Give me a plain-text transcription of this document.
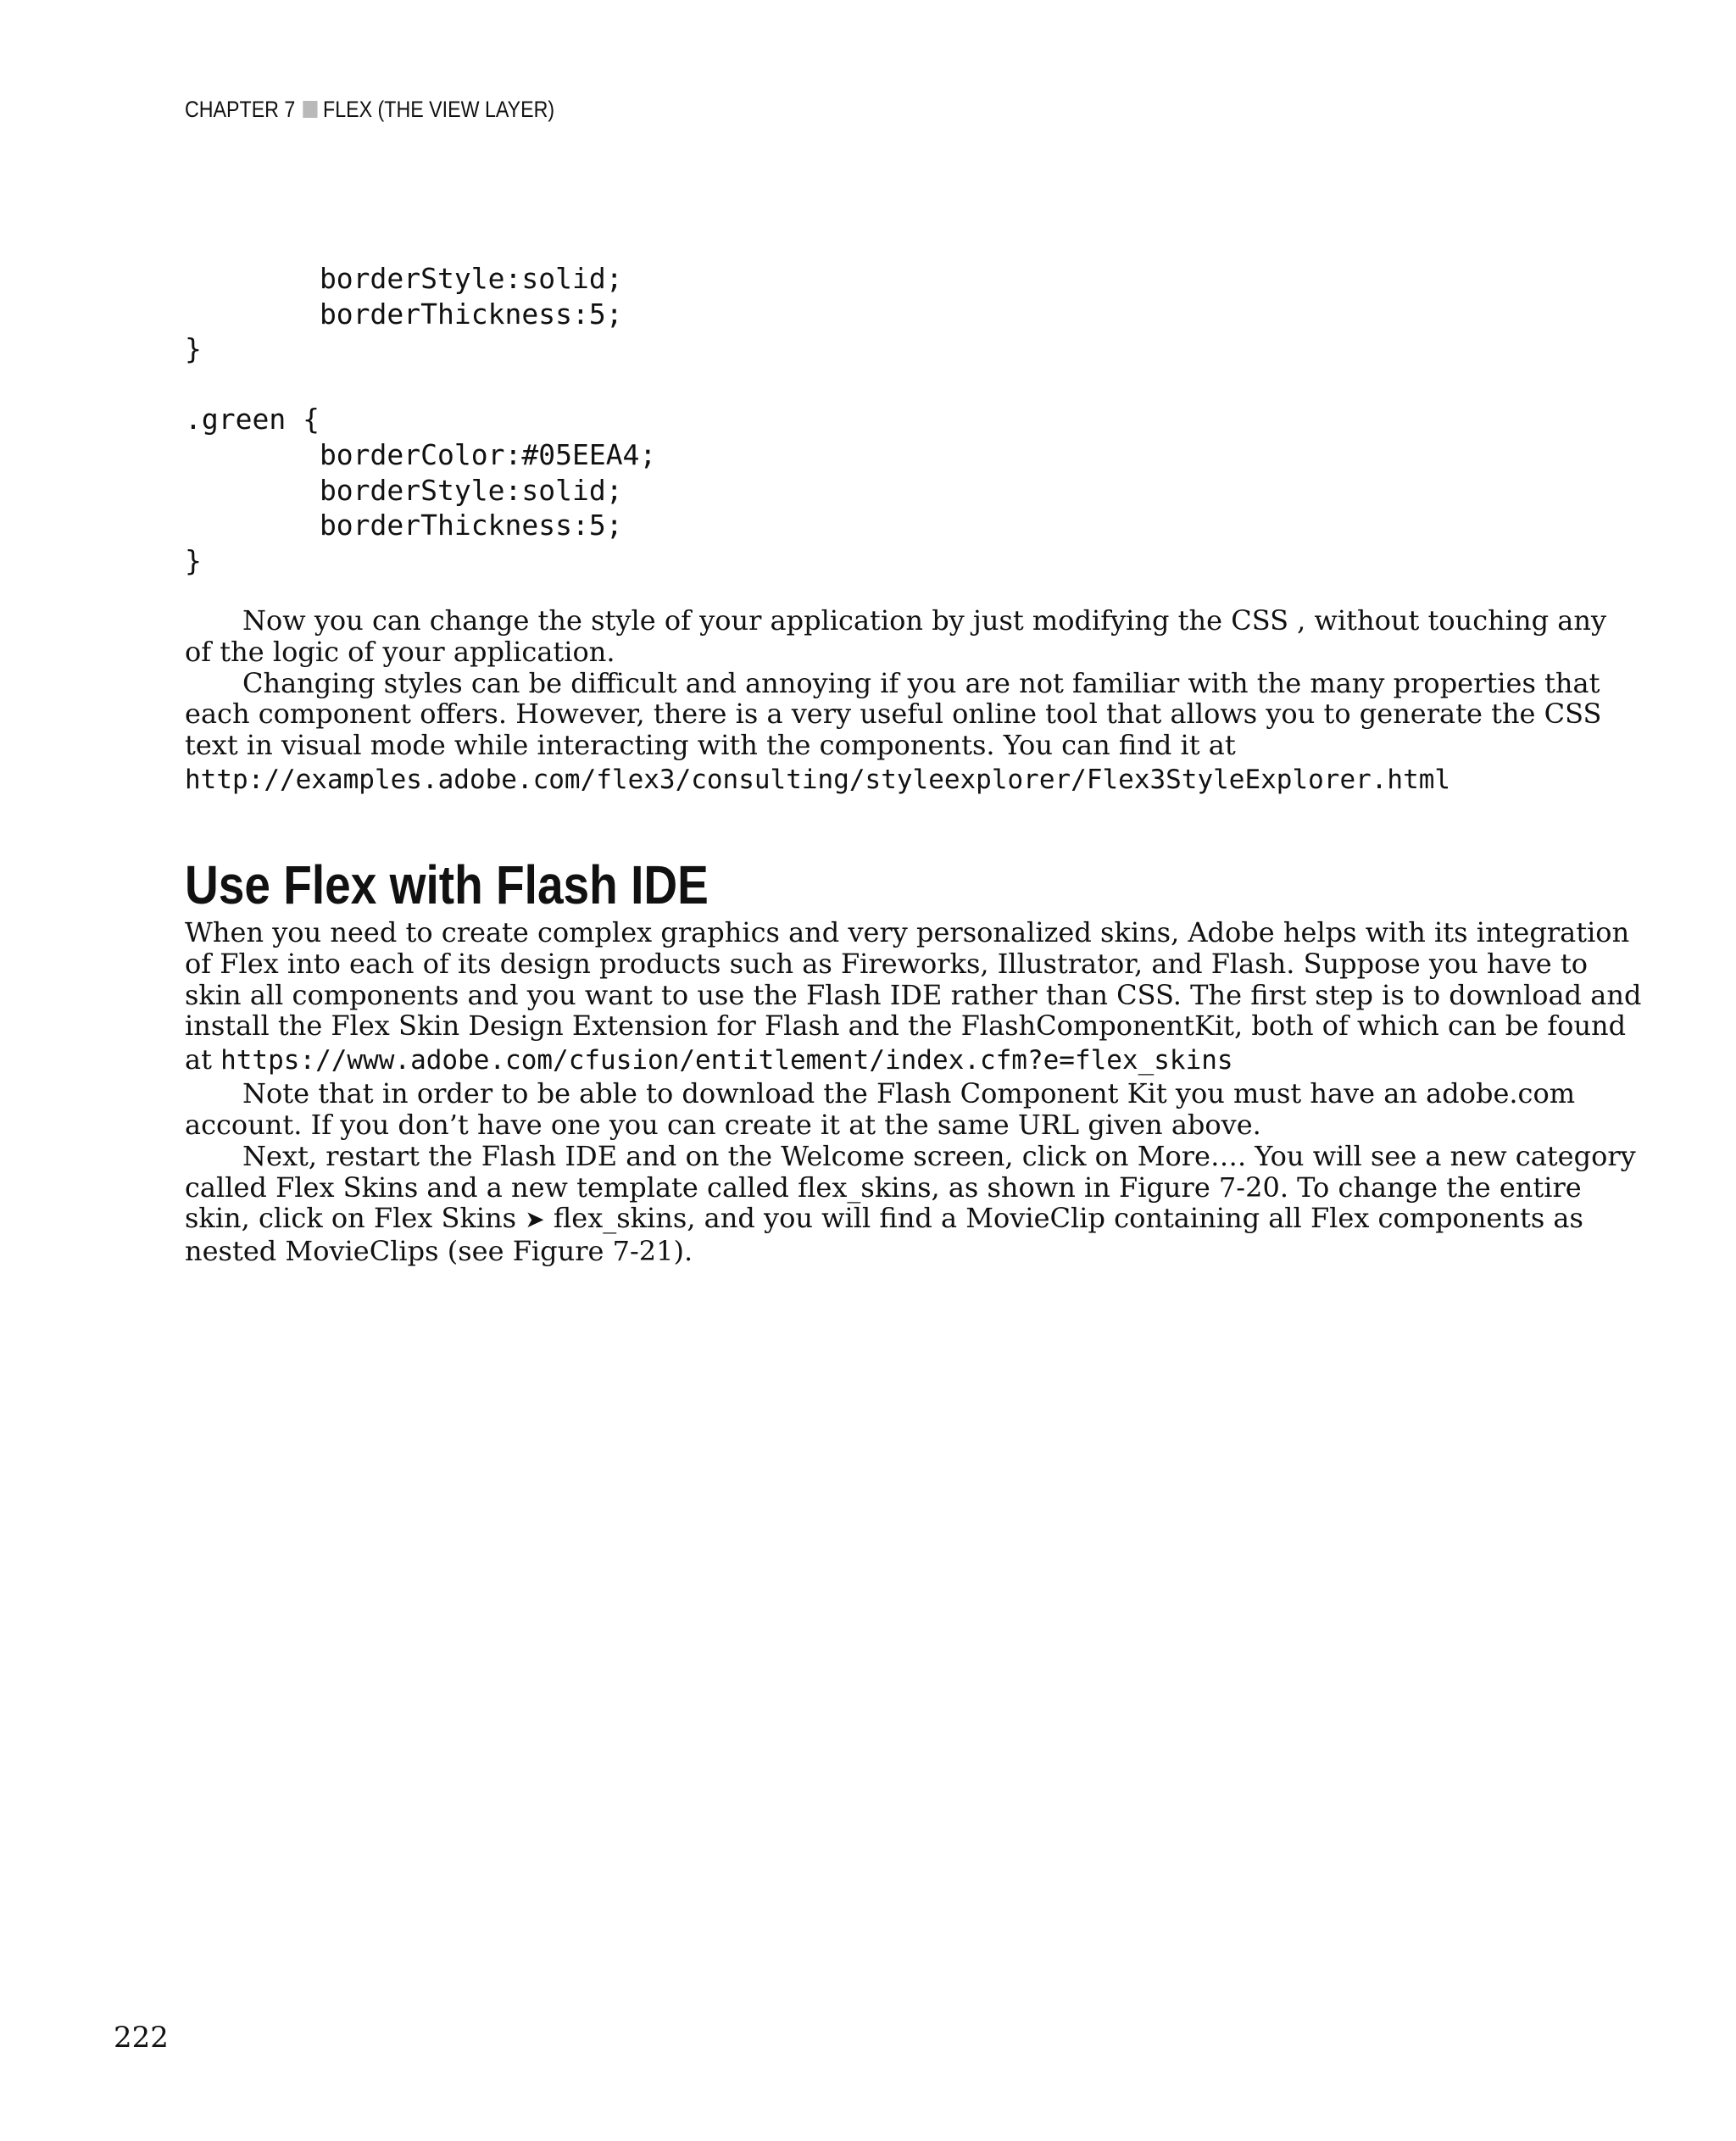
CHAPTER 7 FLEX (THE VIEW LAYER)
borderStyle:solid;
borderThickness:5;
}

.green {
borderColor:#05EEA4;
borderStyle:solid;
borderThickness:5;
}

Now you can change the style of your application by just modifying the CSS , without touching any
of the logic of your application.

Changing styles can be difficult and annoying if you are not familiar with the many properties that
each component offers. However, there is a very useful online tool that allows you to generate the CSS
text in visual mode while interacting with the components. You can find it at

http://examples.adobe.com/flex3/consulting/styleexplorer/Flex3StyleExplorer.html

Use Flex with Flash IDE

When you need to create complex graphics and very personalized skins, Adobe helps with its integration
of Flex into each of its design products such as Fireworks, Illustrator, and Flash. Suppose you have to
skin all components and you want to use the Flash IDE rather than CSS. The first step is to download and
install the Flex Skin Design Extension for Flash and the FlashComponentKit, both of which can be found

at https://www.adobe.com/cfusion/entitlement/index.cfm?e=flex_skins

Note that in order to be able to download the Flash Component Kit you must have an adobe.com
account. If you don’t have one you can create it at the same URL given above.

Next, restart the Flash IDE and on the Welcome screen, click on More…. You will see a new category
called Flex Skins and a new template called flex_skins, as shown in Figure 7-20. To change the entire
skin, click on Flex Skins ➤ flex_skins, and you will find a MovieClip containing all Flex components as
nested MovieClips (see Figure 7-21).

222
